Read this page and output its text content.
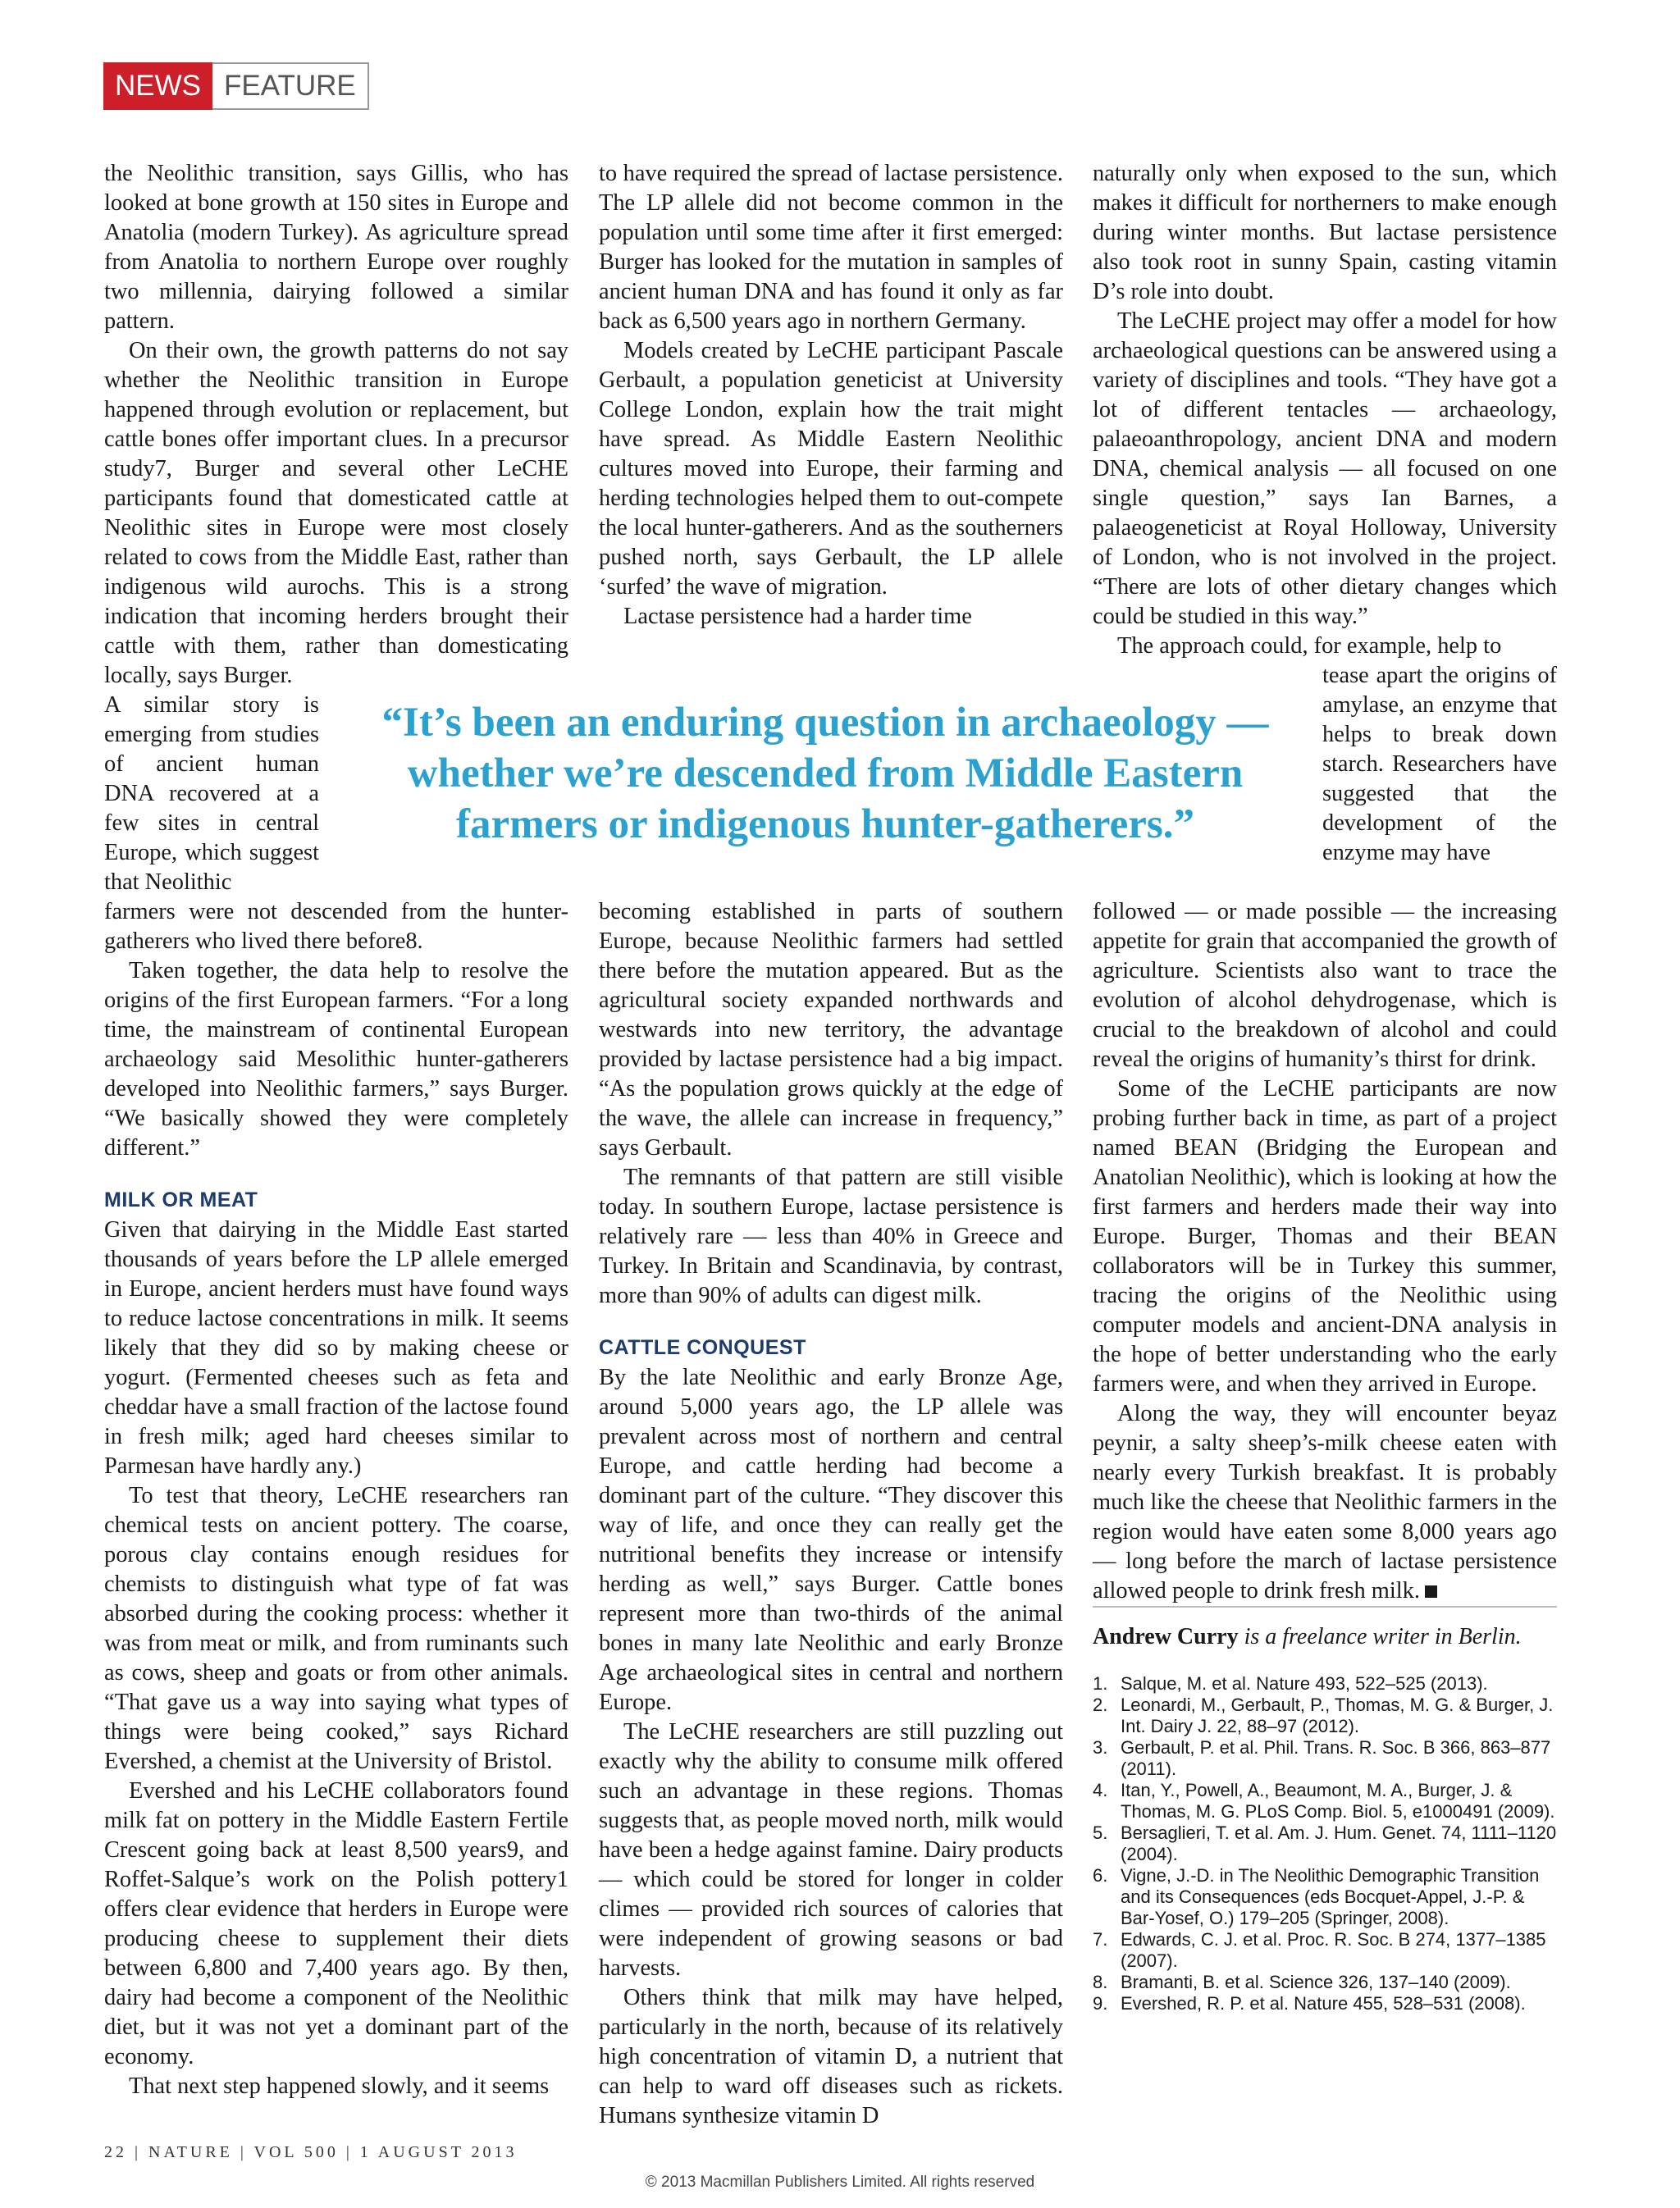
NEWS FEATURE

the Neolithic transition, says Gillis, who has looked at bone growth at 150 sites in Europe and Anatolia (modern Turkey). As agriculture spread from Anatolia to northern Europe over roughly two millennia, dairying followed a similar pattern.

On their own, the growth patterns do not say whether the Neolithic transition in Europe happened through evolution or replacement, but cattle bones offer important clues. In a precursor study7, Burger and several other LeCHE participants found that domesticated cattle at Neolithic sites in Europe were most closely related to cows from the Middle East, rather than indigenous wild aurochs. This is a strong indication that incoming herders brought their cattle with them, rather than domesticating locally, says Burger.

A similar story is emerging from studies of ancient human DNA recovered at a few sites in central Europe, which suggest that Neolithic

farmers were not descended from the hunter-gatherers who lived there before8.

Taken together, the data help to resolve the origins of the first European farmers. “For a long time, the mainstream of continental European archaeology said Mesolithic hunter-gatherers developed into Neolithic farmers,” says Burger. “We basically showed they were completely different.”

MILK OR MEAT

Given that dairying in the Middle East started thousands of years before the LP allele emerged in Europe, ancient herders must have found ways to reduce lactose concentrations in milk. It seems likely that they did so by making cheese or yogurt. (Fermented cheeses such as feta and cheddar have a small fraction of the lactose found in fresh milk; aged hard cheeses similar to Parmesan have hardly any.)

To test that theory, LeCHE researchers ran chemical tests on ancient pottery. The coarse, porous clay contains enough residues for chemists to distinguish what type of fat was absorbed during the cooking process: whether it was from meat or milk, and from ruminants such as cows, sheep and goats or from other animals. “That gave us a way into saying what types of things were being cooked,” says Richard Evershed, a chemist at the University of Bristol.

Evershed and his LeCHE collaborators found milk fat on pottery in the Middle Eastern Fertile Crescent going back at least 8,500 years9, and Roffet-Salque’s work on the Polish pottery1 offers clear evidence that herders in Europe were producing cheese to supplement their diets between 6,800 and 7,400 years ago. By then, dairy had become a component of the Neolithic diet, but it was not yet a dominant part of the economy.

That next step happened slowly, and it seems

to have required the spread of lactase persistence. The LP allele did not become common in the population until some time after it first emerged: Burger has looked for the mutation in samples of ancient human DNA and has found it only as far back as 6,500 years ago in northern Germany.

Models created by LeCHE participant Pascale Gerbault, a population geneticist at University College London, explain how the trait might have spread. As Middle Eastern Neolithic cultures moved into Europe, their farming and herding technologies helped them to out-compete the local hunter-gatherers. And as the southerners pushed north, says Gerbault, the LP allele ‘surfed’ the wave of migration.

Lactase persistence had a harder time

becoming established in parts of southern Europe, because Neolithic farmers had settled there before the mutation appeared. But as the agricultural society expanded northwards and westwards into new territory, the advantage provided by lactase persistence had a big impact. “As the population grows quickly at the edge of the wave, the allele can increase in frequency,” says Gerbault.

The remnants of that pattern are still visible today. In southern Europe, lactase persistence is relatively rare — less than 40% in Greece and Turkey. In Britain and Scandinavia, by contrast, more than 90% of adults can digest milk.

CATTLE CONQUEST

By the late Neolithic and early Bronze Age, around 5,000 years ago, the LP allele was prevalent across most of northern and central Europe, and cattle herding had become a dominant part of the culture. “They discover this way of life, and once they can really get the nutritional benefits they increase or intensify herding as well,” says Burger. Cattle bones represent more than two-thirds of the animal bones in many late Neolithic and early Bronze Age archaeological sites in central and northern Europe.

The LeCHE researchers are still puzzling out exactly why the ability to consume milk offered such an advantage in these regions. Thomas suggests that, as people moved north, milk would have been a hedge against famine. Dairy products — which could be stored for longer in colder climes — provided rich sources of calories that were independent of growing seasons or bad harvests.

Others think that milk may have helped, particularly in the north, because of its relatively high concentration of vitamin D, a nutrient that can help to ward off diseases such as rickets. Humans synthesize vitamin D

naturally only when exposed to the sun, which makes it difficult for northerners to make enough during winter months. But lactase persistence also took root in sunny Spain, casting vitamin D’s role into doubt.

The LeCHE project may offer a model for how archaeological questions can be answered using a variety of disciplines and tools. “They have got a lot of different tentacles — archaeology, palaeoanthropology, ancient DNA and modern DNA, chemical analysis — all focused on one single question,” says Ian Barnes, a palaeogeneticist at Royal Holloway, University of London, who is not involved in the project. “There are lots of other dietary changes which could be studied in this way.”

The approach could, for example, help to

tease apart the origins of amylase, an enzyme that helps to break down starch. Researchers have suggested that the development of the enzyme may have

followed — or made possible — the increasing appetite for grain that accompanied the growth of agriculture. Scientists also want to trace the evolution of alcohol dehydrogenase, which is crucial to the breakdown of alcohol and could reveal the origins of humanity’s thirst for drink.

Some of the LeCHE participants are now probing further back in time, as part of a project named BEAN (Bridging the European and Anatolian Neolithic), which is looking at how the first farmers and herders made their way into Europe. Burger, Thomas and their BEAN collaborators will be in Turkey this summer, tracing the origins of the Neolithic using computer models and ancient-DNA analysis in the hope of better understanding who the early farmers were, and when they arrived in Europe.

Along the way, they will encounter beyaz peynir, a salty sheep’s-milk cheese eaten with nearly every Turkish breakfast. It is probably much like the cheese that Neolithic farmers in the region would have eaten some 8,000 years ago — long before the march of lactase persistence allowed people to drink fresh milk.

Andrew Curry is a freelance writer in Berlin.

1. Salque, M. et al. Nature 493, 522–525 (2013).
2. Leonardi, M., Gerbault, P., Thomas, M. G. & Burger, J. Int. Dairy J. 22, 88–97 (2012).
3. Gerbault, P. et al. Phil. Trans. R. Soc. B 366, 863–877 (2011).
4. Itan, Y., Powell, A., Beaumont, M. A., Burger, J. & Thomas, M. G. PLoS Comp. Biol. 5, e1000491 (2009).
5. Bersaglieri, T. et al. Am. J. Hum. Genet. 74, 1111–1120 (2004).
6. Vigne, J.-D. in The Neolithic Demographic Transition and its Consequences (eds Bocquet-Appel, J.-P. & Bar-Yosef, O.) 179–205 (Springer, 2008).
7. Edwards, C. J. et al. Proc. R. Soc. B 274, 1377–1385 (2007).
8. Bramanti, B. et al. Science 326, 137–140 (2009).
9. Evershed, R. P. et al. Nature 455, 528–531 (2008).
“It’s been an enduring question in archaeology — whether we’re descended from Middle Eastern farmers or indigenous hunter-gatherers.”
22 | NATURE | VOL 500 | 1 AUGUST 2013
© 2013 Macmillan Publishers Limited. All rights reserved
